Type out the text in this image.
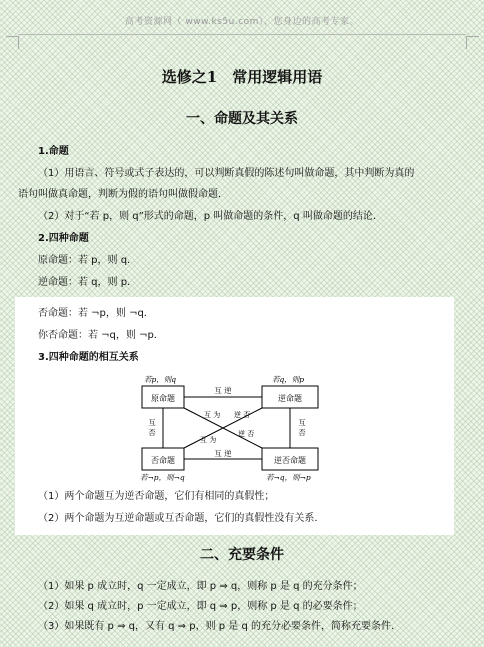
高考资源网（ www.ks5u.com），您身边的高考专家。
选修之1　常用逻辑用语
一、命题及其关系
1.命题
（1）用语言、符号或式子表达的，可以判断真假的陈述句叫做命题，其中判断为真的
语句叫做真命题，判断为假的语句叫做假命题．
（2）对于“若 p，则 q”形式的命题，p 叫做命题的条件，q 叫做命题的结论．
2.四种命题
原命题：若 p，则 q．
逆命题：若 q，则 p．
否命题：若 ¬p，则 ¬q．
你否命题：若 ¬q，则 ¬p．
3.四种命题的相互关系
原命题	逆命题
否命题	逆否命题
若p，则q	若q，则p
若¬p，则¬q	若¬q，则¬p
互 逆
互 逆
互 否	互 否
互 为 逆 否
互 为
逆 否
（1）两个命题互为逆否命题，它们有相同的真假性；
（2）两个命题为互逆命题或互否命题，它们的真假性没有关系．
二、充要条件
（1）如果 p 成立时，q 一定成立，即 p ⇒ q，则称 p 是 q 的充分条件；
（2）如果 q 成立时，p 一定成立，即 q ⇒ p，则称 p 是 q 的必要条件；
（3）如果既有 p ⇒ q，又有 q ⇒ p，则 p 是 q 的充分必要条件，简称充要条件．
